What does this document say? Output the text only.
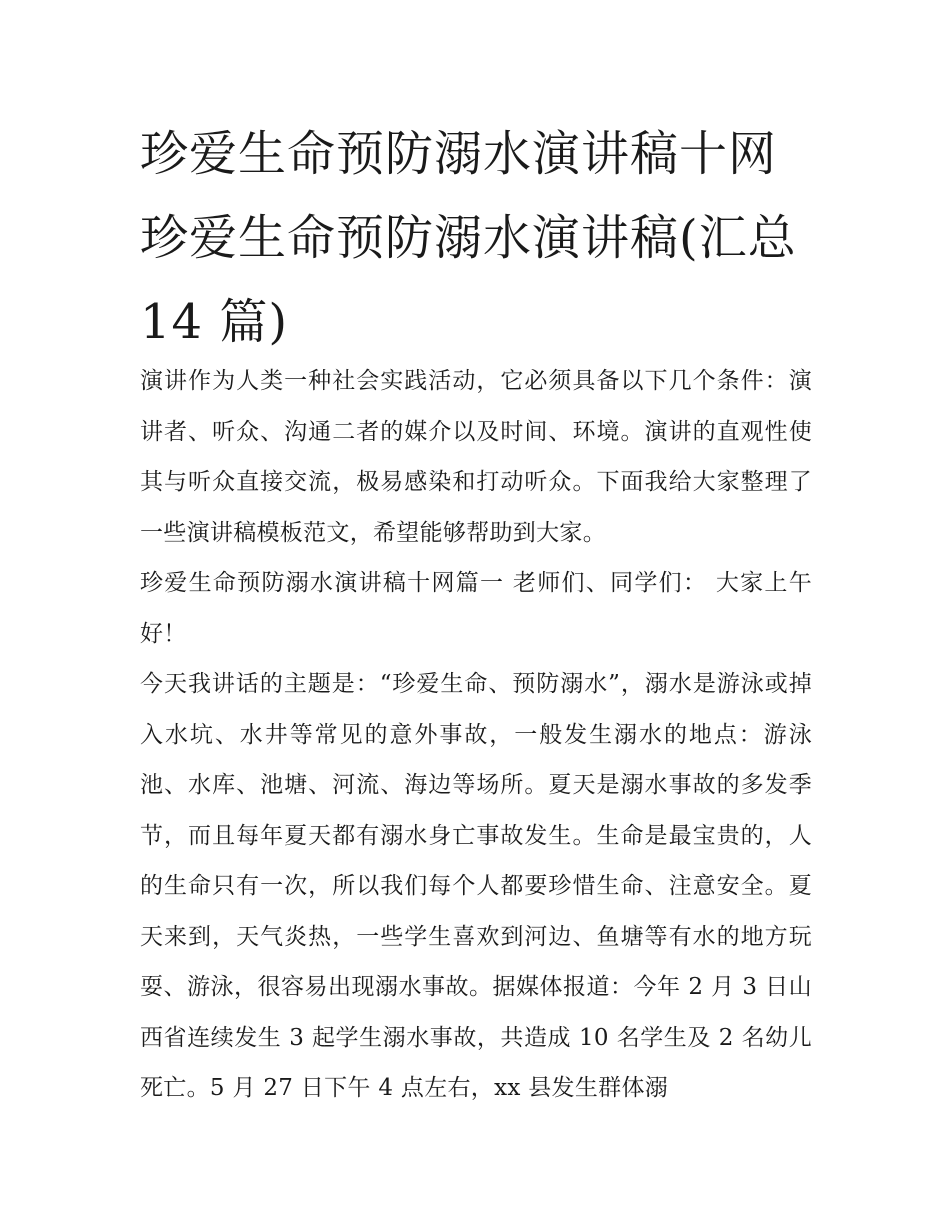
珍爱生命预防溺水演讲稿十网珍爱生命预防溺水演讲稿(汇总 14 篇)

演讲作为人类一种社会实践活动，它必须具备以下几个条件：演讲者、听众、沟通二者的媒介以及时间、环境。演讲的直观性使其与听众直接交流，极易感染和打动听众。下面我给大家整理了一些演讲稿模板范文，希望能够帮助到大家。

珍爱生命预防溺水演讲稿十网篇一 老师们、同学们： 大家上午好！

今天我讲话的主题是：“珍爱生命、预防溺水”，溺水是游泳或掉入水坑、水井等常见的意外事故，一般发生溺水的地点：游泳池、水库、池塘、河流、海边等场所。夏天是溺水事故的多发季节，而且每年夏天都有溺水身亡事故发生。生命是最宝贵的，人的生命只有一次，所以我们每个人都要珍惜生命、注意安全。夏天来到，天气炎热，一些学生喜欢到河边、鱼塘等有水的地方玩耍、游泳，很容易出现溺水事故。据媒体报道：今年 2 月 3 日山西省连续发生 3 起学生溺水事故，共造成 10 名学生及 2 名幼儿死亡。5 月 27 日下午 4 点左右，xx 县发生群体溺
